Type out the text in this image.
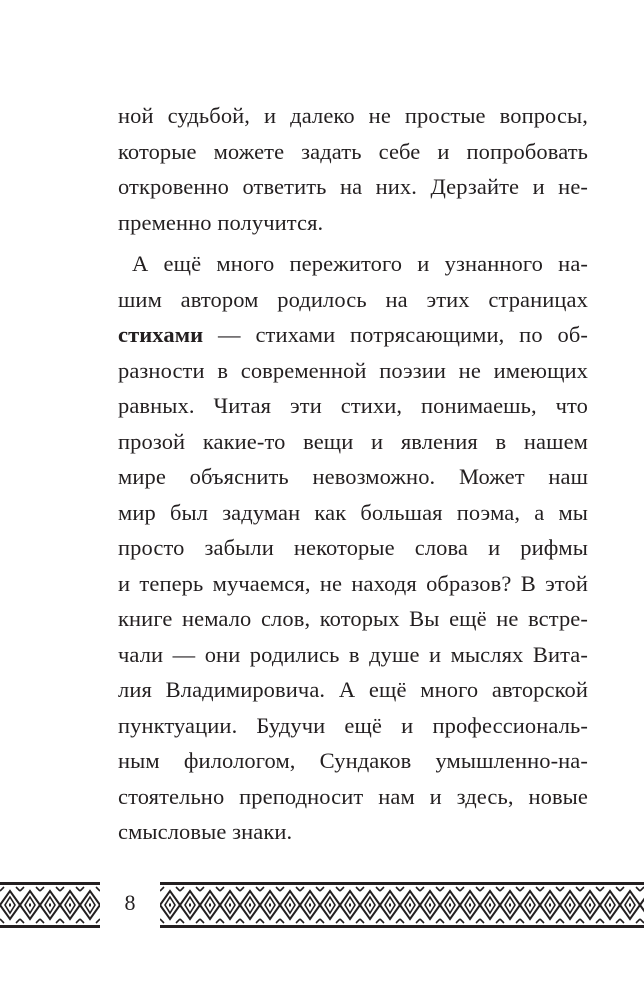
ной судьбой, и далеко не простые вопросы,
которые можете задать себе и попробовать
откровенно ответить на них. Дерзайте и не-
пременно получится.
А ещё много пережитого и узнанного на-
шим автором родилось на этих страницах
стихами — стихами потрясающими, по об-
разности в современной поэзии не имеющих
равных. Читая эти стихи, понимаешь, что
прозой какие-то вещи и явления в нашем
мире объяснить невозможно. Может наш
мир был задуман как большая поэма, а мы
просто забыли некоторые слова и рифмы
и теперь мучаемся, не находя образов? В этой
книге немало слов, которых Вы ещё не встре-
чали — они родились в душе и мыслях Вита-
лия Владимировича. А ещё много авторской
пунктуации. Будучи ещё и профессиональ-
ным филологом, Сундаков умышленно-на-
стоятельно преподносит нам и здесь, новые
смысловые знаки.
8
